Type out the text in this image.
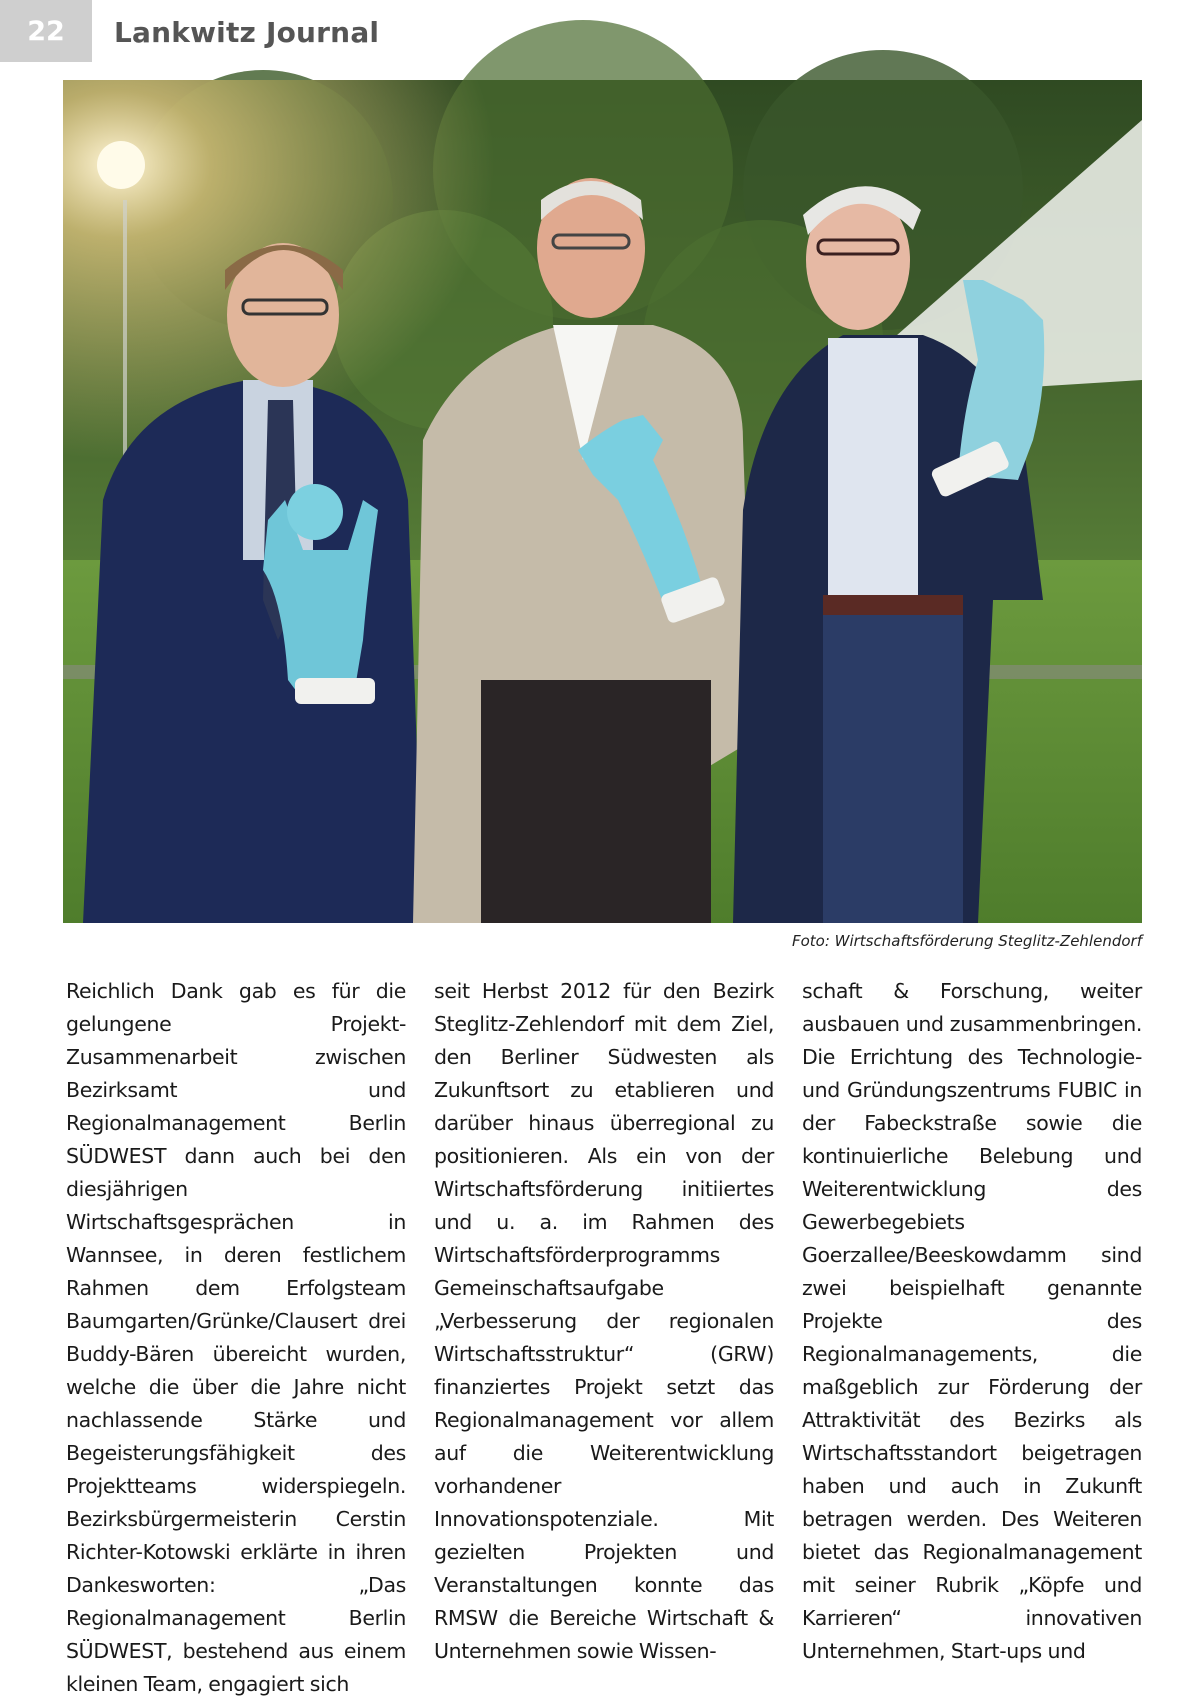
22	Lankwitz Journal
Foto: Wirtschaftsförderung Steglitz-Zehlendorf
Reichlich Dank gab es für die gelungene Projekt-Zusammenarbeit zwischen Bezirksamt und Regionalmanagement Berlin SÜDWEST dann auch bei den diesjährigen Wirtschaftsgesprächen in Wannsee, in deren festlichem Rahmen dem Erfolgsteam Baumgarten/Grünke/Clausert drei Buddy-Bären übereicht wurden, welche die über die Jahre nicht nachlassende Stärke und Begeisterungsfähigkeit des Projektteams widerspiegeln. Bezirksbürgermeisterin Cerstin Richter-Kotowski erklärte in ihren Dankesworten: „Das Regionalmanagement Berlin SÜDWEST, bestehend aus einem kleinen Team, engagiert sich
seit Herbst 2012 für den Bezirk Steglitz-Zehlendorf mit dem Ziel, den Berliner Südwesten als Zukunftsort zu etablieren und darüber hinaus überregional zu positionieren. Als ein von der Wirtschaftsförderung initiiertes und u. a. im Rahmen des Wirtschaftsförderprogramms Gemeinschaftsaufgabe „Verbesserung der regionalen Wirtschaftsstruktur“ (GRW) finanziertes Projekt setzt das Regionalmanagement vor allem auf die Weiterentwicklung vorhandener Innovationspotenziale. Mit gezielten Projekten und Veranstaltungen konnte das RMSW die Bereiche Wirtschaft & Unternehmen sowie Wissen-
schaft & Forschung, weiter ausbauen und zusammenbringen. Die Errichtung des Technologie- und Gründungszentrums FUBIC in der Fabeckstraße sowie die kontinuierliche Belebung und Weiterentwicklung des Gewerbegebiets Goerzallee/Beeskowdamm sind zwei beispielhaft genannte Projekte des Regionalmanagements, die maßgeblich zur Förderung der Attraktivität des Bezirks als Wirtschaftsstandort beigetragen haben und auch in Zukunft betragen werden. Des Weiteren bietet das Regionalmanagement mit seiner Rubrik „Köpfe und Karrieren“ innovativen Unternehmen, Start-ups und
